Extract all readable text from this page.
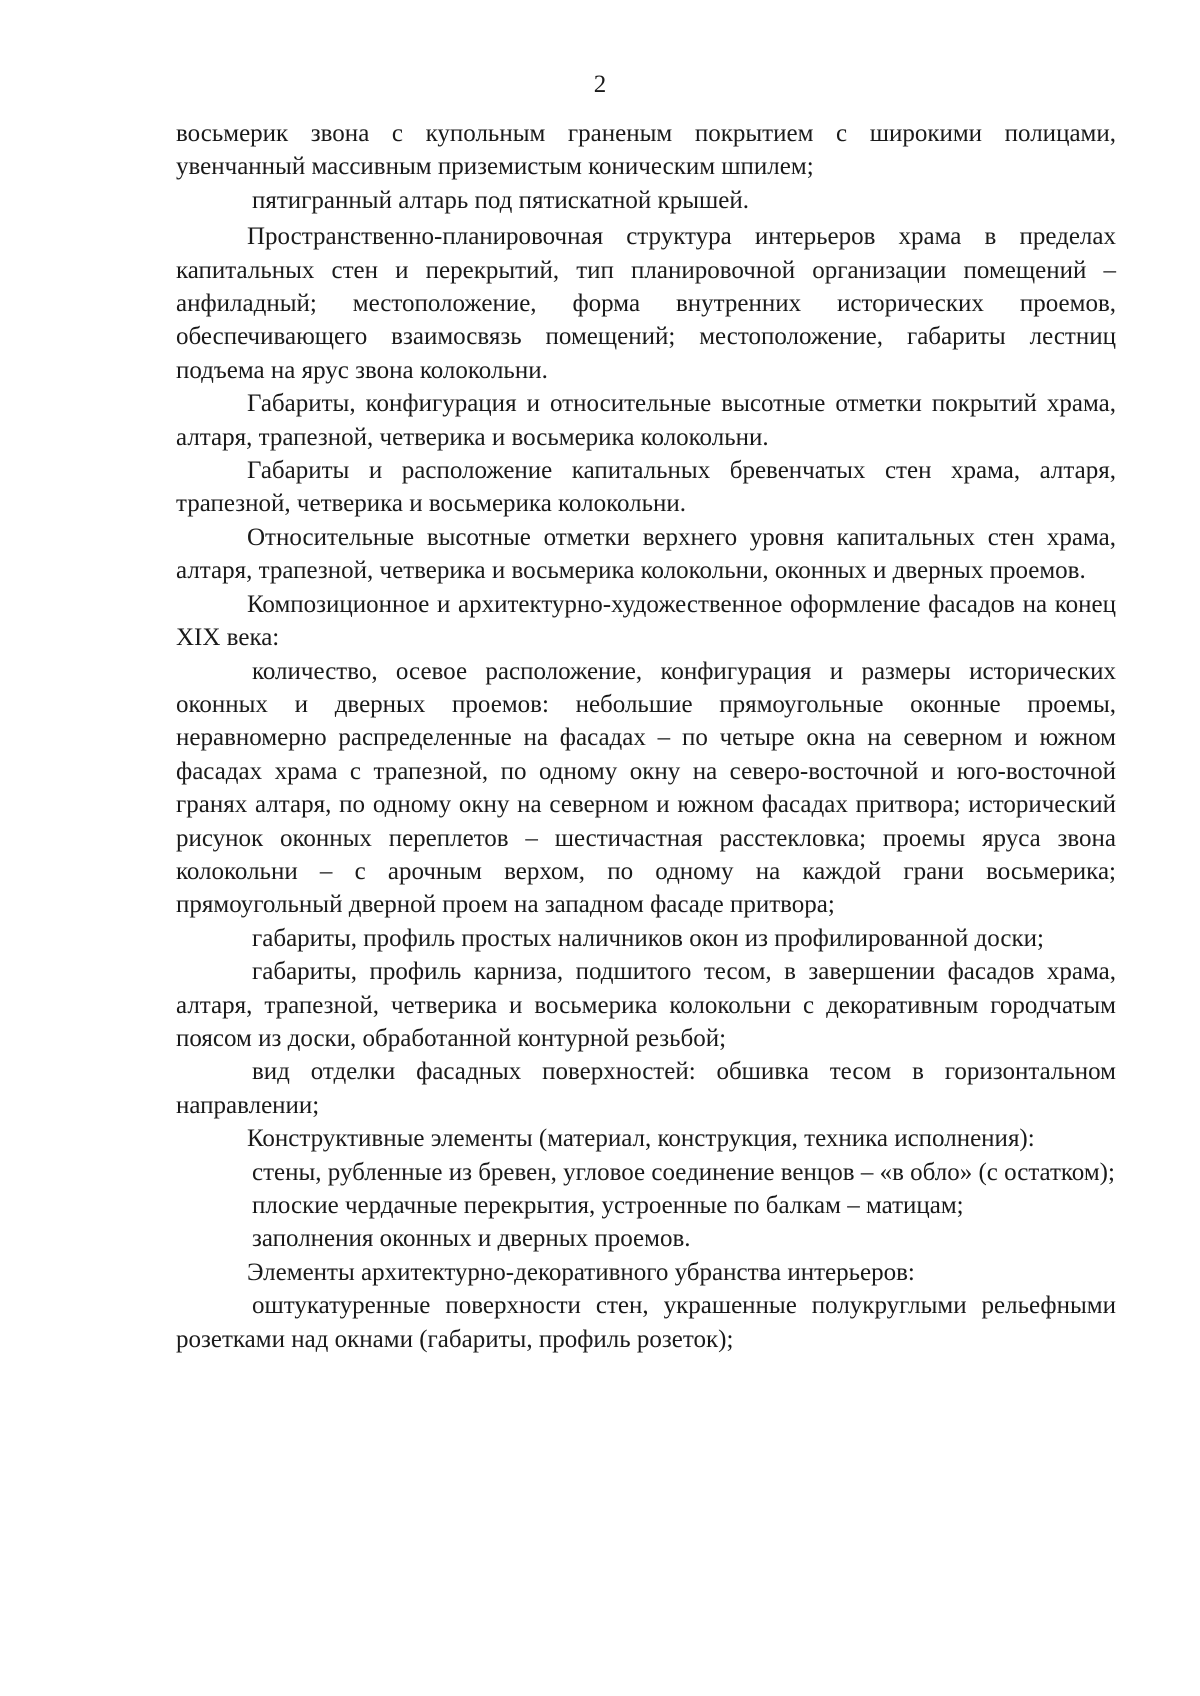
2

восьмерик звона с купольным граненым покрытием с широкими полицами, увенчанный массивным приземистым коническим шпилем;

пятигранный алтарь под пятискатной крышей.

Пространственно-планировочная структура интерьеров храма в пределах капитальных стен и перекрытий, тип планировочной организации помещений – анфиладный; местоположение, форма внутренних исторических проемов, обеспечивающего взаимосвязь помещений; местоположение, габариты лестниц подъема на ярус звона колокольни.

Габариты, конфигурация и относительные высотные отметки покрытий храма, алтаря, трапезной, четверика и восьмерика колокольни.

Габариты и расположение капитальных бревенчатых стен храма, алтаря, трапезной, четверика и восьмерика колокольни.

Относительные высотные отметки верхнего уровня капитальных стен храма, алтаря, трапезной, четверика и восьмерика колокольни, оконных и дверных проемов.

Композиционное и архитектурно-художественное оформление фасадов на конец XIX века:

количество, осевое расположение, конфигурация и размеры исторических оконных и дверных проемов: небольшие прямоугольные оконные проемы, неравномерно распределенные на фасадах – по четыре окна на северном и южном фасадах храма с трапезной, по одному окну на северо-восточной и юго-восточной гранях алтаря, по одному окну на северном и южном фасадах притвора; исторический рисунок оконных переплетов – шестичастная расстекловка; проемы яруса звона колокольни – с арочным верхом, по одному на каждой грани восьмерика; прямоугольный дверной проем на западном фасаде притвора;

габариты, профиль простых наличников окон из профилированной доски;

габариты, профиль карниза, подшитого тесом, в завершении фасадов храма, алтаря, трапезной, четверика и восьмерика колокольни с декоративным городчатым поясом из доски, обработанной контурной резьбой;

вид отделки фасадных поверхностей: обшивка тесом в горизонтальном направлении;

Конструктивные элементы (материал, конструкция, техника исполнения):

стены, рубленные из бревен, угловое соединение венцов – «в обло» (с остатком);

плоские чердачные перекрытия, устроенные по балкам – матицам;

заполнения оконных и дверных проемов.

Элементы архитектурно-декоративного убранства интерьеров:

оштукатуренные поверхности стен, украшенные полукруглыми рельефными розетками над окнами (габариты, профиль розеток);
